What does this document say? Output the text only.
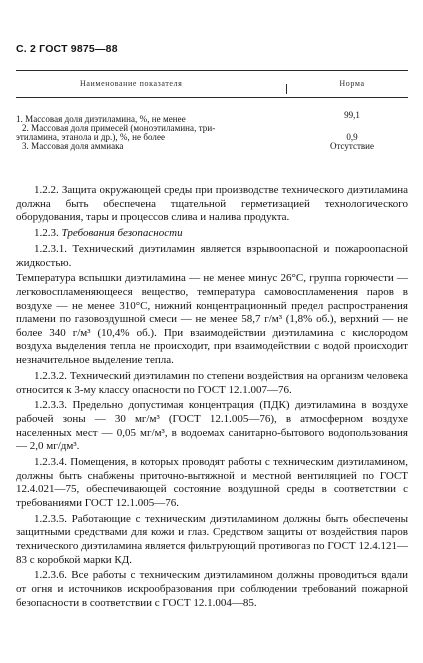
С. 2 ГОСТ 9875—88
Наименование показателя	Норма
1. Массовая доля диэтиламина, %, не менее	99,1
2. Массовая доля примесей (моноэтиламина, три-
этиламина, этанола и др.), %, не более	0,9
3. Массовая доля аммиака	Отсутствие

1.2.2. Защита окружающей среды при производстве технического диэтиламина должна быть обеспечена тщательной герметизацией технологического оборудования, тары и процессов слива и налива продукта.

1.2.3. Требования безопасности

1.2.3.1. Технический диэтиламин является взрывоопасной и пожароопасной жидкостью.

Температура вспышки диэтиламина — не менее минус 26°С, группа горючести — легковоспламеняющееся вещество, температура самовоспламенения паров в воздухе — не менее 310°С, нижний концентрационный предел распространения пламени по газовоздушной смеси — не менее 58,7 г/м³ (1,8% об.), верхний — не более 340 г/м³ (10,4% об.). При взаимодействии диэтиламина с кислородом воздуха выделения тепла не происходит, при взаимодействии с водой происходит незначительное выделение тепла.

1.2.3.2. Технический диэтиламин по степени воздействия на организм человека относится к 3-му классу опасности по ГОСТ 12.1.007—76.

1.2.3.3. Предельно допустимая концентрация (ПДК) диэтиламина в воздухе рабочей зоны — 30 мг/м³ (ГОСТ 12.1.005—76), в атмосферном воздухе населенных мест — 0,05 мг/м³, в водоемах санитарно-бытового водопользования — 2,0 мг/дм³.

1.2.3.4. Помещения, в которых проводят работы с техническим диэтиламином, должны быть снабжены приточно-вытяжной и местной вентиляцией по ГОСТ 12.4.021—75, обеспечивающей состояние воздушной среды в соответствии с требованиями ГОСТ 12.1.005—76.

1.2.3.5. Работающие с техническим диэтиламином должны быть обеспечены защитными средствами для кожи и глаз. Средством защиты от воздействия паров технического диэтиламина является фильтрующий противогаз по ГОСТ 12.4.121—83 с коробкой марки КД.

1.2.3.6. Все работы с техническим диэтиламином должны проводиться вдали от огня и источников искрообразования при соблюдении требований пожарной безопасности в соответствии с ГОСТ 12.1.004—85.
